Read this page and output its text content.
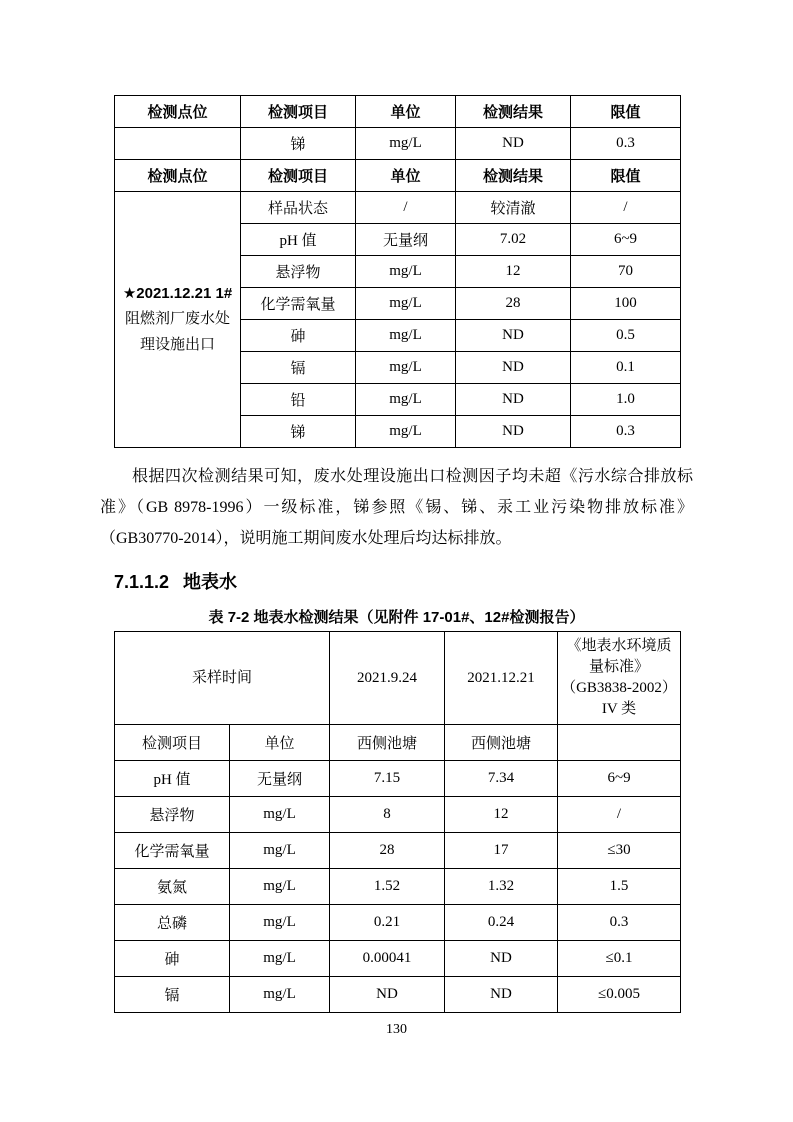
检测点位	检测项目	单位	检测结果	限值
	锑	mg/L	ND	0.3
检测点位	检测项目	单位	检测结果	限值
★2021.12.21 1#
阻燃剂厂废水处理设施出口	样品状态	/	较清澈	/
	pH 值	无量纲	7.02	6~9
	悬浮物	mg/L	12	70
	化学需氧量	mg/L	28	100
	砷	mg/L	ND	0.5
	镉	mg/L	ND	0.1
	铅	mg/L	ND	1.0
	锑	mg/L	ND	0.3

根据四次检测结果可知，废水处理设施出口检测因子均未超《污水综合排放标准》（GB 8978-1996）一级标准，锑参照《锡、锑、汞工业污染物排放标准》（GB30770-2014），说明施工期间废水处理后均达标排放。

7.1.1.2 地表水
表 7-2 地表水检测结果（见附件 17-01#、12#检测报告）
采样时间		2021.9.24	2021.12.21	《地表水环境质
量标准》
（GB3838-2002）
IV 类

检测项目	单位	西侧池塘	西侧池塘	
pH 值	无量纲	7.15	7.34	6~9
悬浮物	mg/L	8	12	/
化学需氧量	mg/L	28	17	≤30
氨氮	mg/L	1.52	1.32	1.5
总磷	mg/L	0.21	0.24	0.3
砷	mg/L	0.00041	ND	≤0.1
镉	mg/L	ND	ND	≤0.005
130
